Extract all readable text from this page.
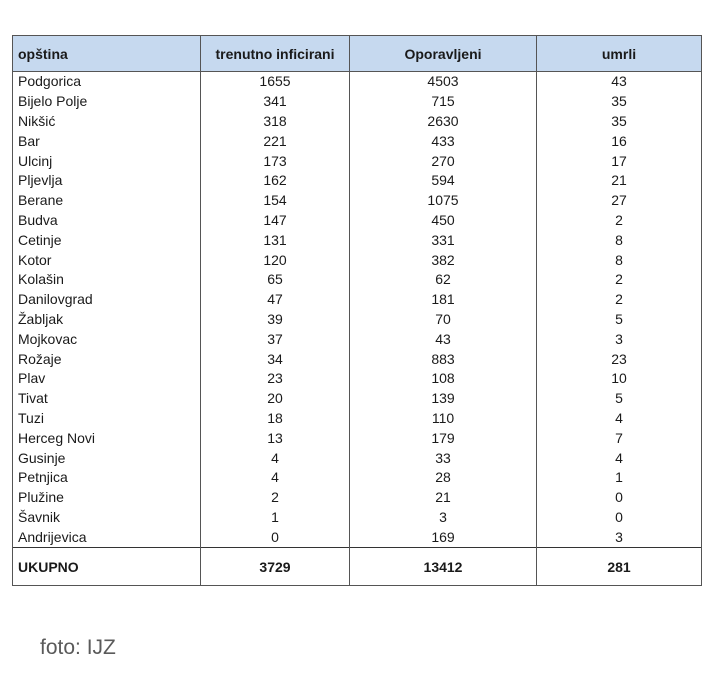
opština	trenutno inficirani	Oporavljeni	umrli
Podgorica	1655	4503	43
Bijelo Polje	341	715	35
Nikšić	318	2630	35
Bar	221	433	16
Ulcinj	173	270	17
Pljevlja	162	594	21
Berane	154	1075	27
Budva	147	450	2
Cetinje	131	331	8
Kotor	120	382	8
Kolašin	65	62	2
Danilovgrad	47	181	2
Žabljak	39	70	5
Mojkovac	37	43	3
Rožaje	34	883	23
Plav	23	108	10
Tivat	20	139	5
Tuzi	18	110	4
Herceg Novi	13	179	7
Gusinje	4	33	4
Petnjica	4	28	1
Plužine	2	21	0
Šavnik	1	3	0
Andrijevica	0	169	3
UKUPNO	3729	13412	281
foto: IJZ
